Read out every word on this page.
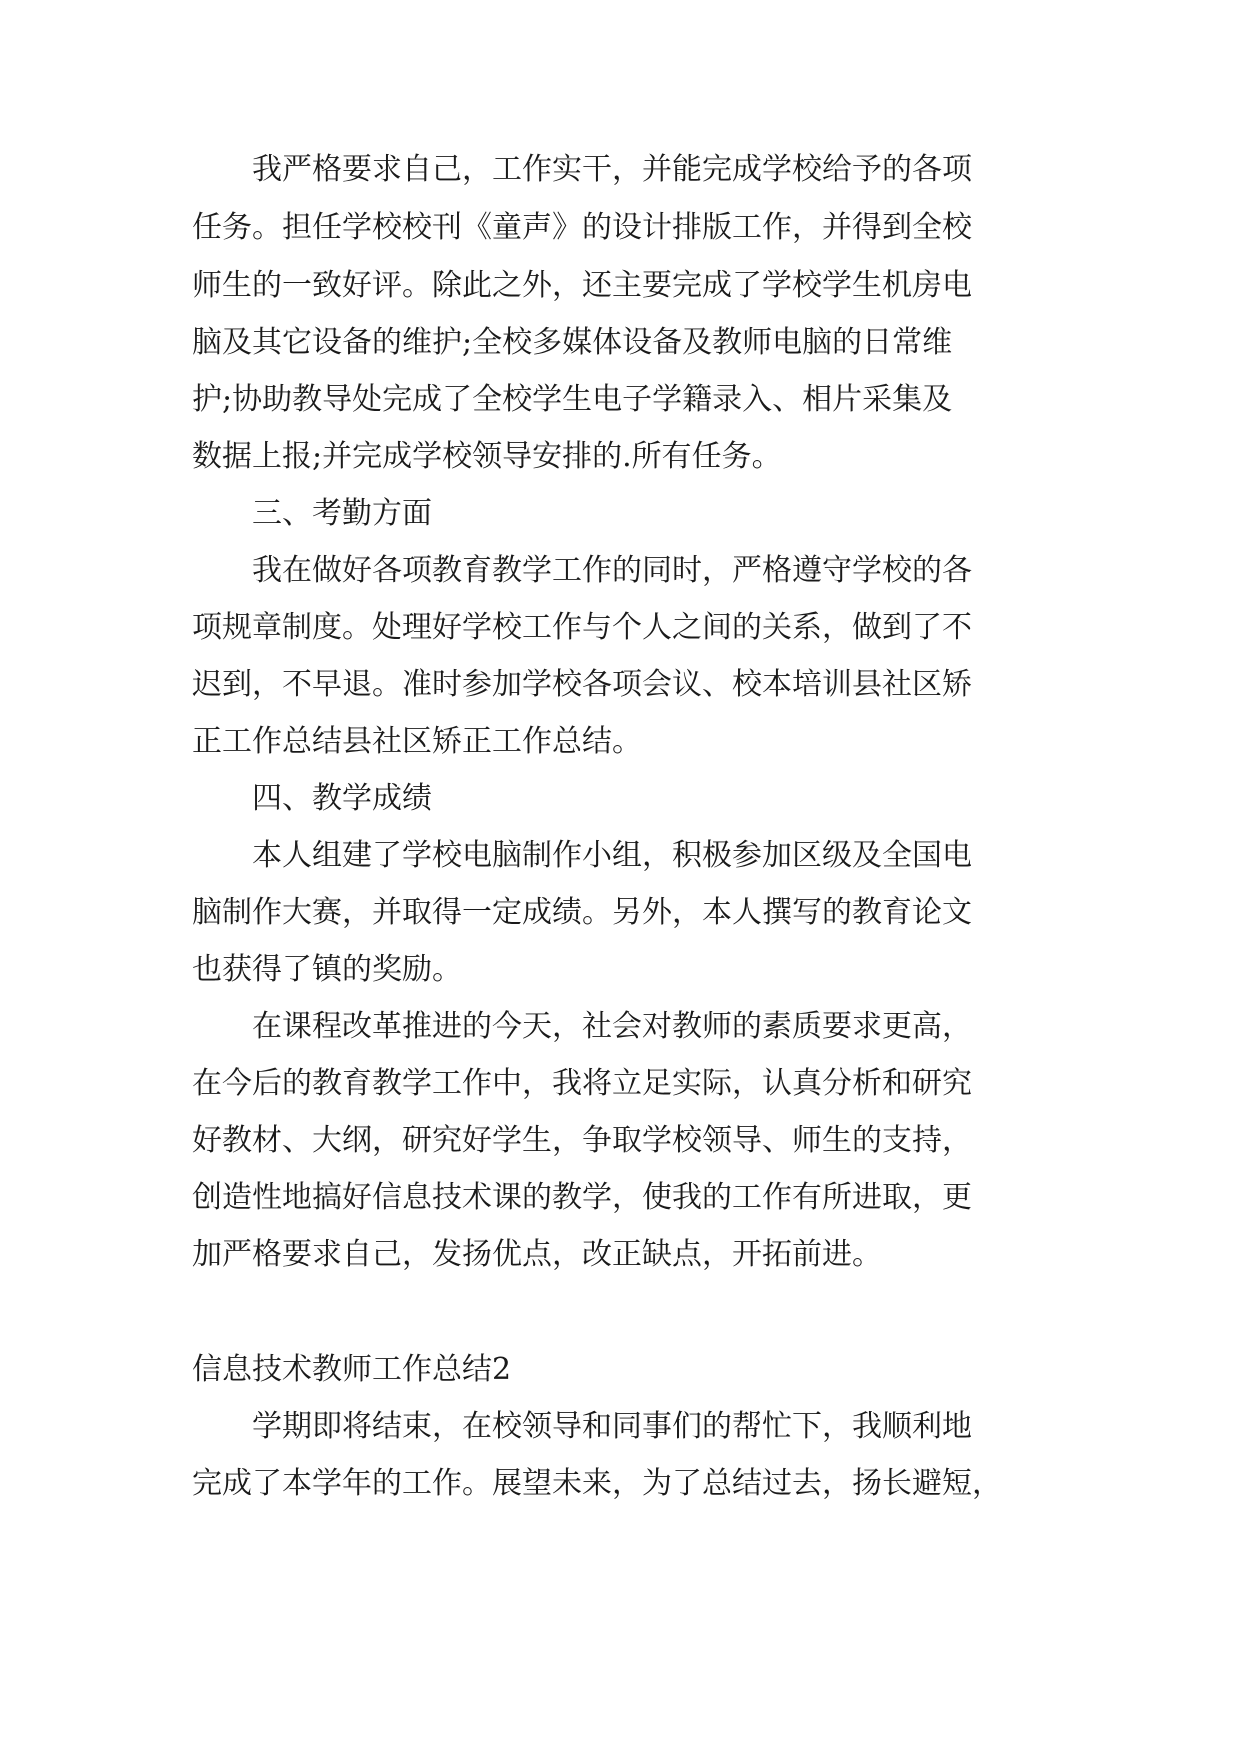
我严格要求自己，工作实干，并能完成学校给予的各项
任务。担任学校校刊《童声》的设计排版工作，并得到全校
师生的一致好评。除此之外，还主要完成了学校学生机房电
脑及其它设备的维护;全校多媒体设备及教师电脑的日常维
护;协助教导处完成了全校学生电子学籍录入、相片采集及
数据上报;并完成学校领导安排的.所有任务。
三、考勤方面
我在做好各项教育教学工作的同时，严格遵守学校的各
项规章制度。处理好学校工作与个人之间的关系，做到了不
迟到，不早退。准时参加学校各项会议、校本培训县社区矫
正工作总结县社区矫正工作总结。
四、教学成绩
本人组建了学校电脑制作小组，积极参加区级及全国电
脑制作大赛，并取得一定成绩。另外，本人撰写的教育论文
也获得了镇的奖励。
在课程改革推进的今天，社会对教师的素质要求更高，
在今后的教育教学工作中，我将立足实际，认真分析和研究
好教材、大纲，研究好学生，争取学校领导、师生的支持，
创造性地搞好信息技术课的教学，使我的工作有所进取，更
加严格要求自己，发扬优点，改正缺点，开拓前进。
信息技术教师工作总结2
学期即将结束，在校领导和同事们的帮忙下，我顺利地
完成了本学年的工作。展望未来，为了总结过去，扬长避短，
